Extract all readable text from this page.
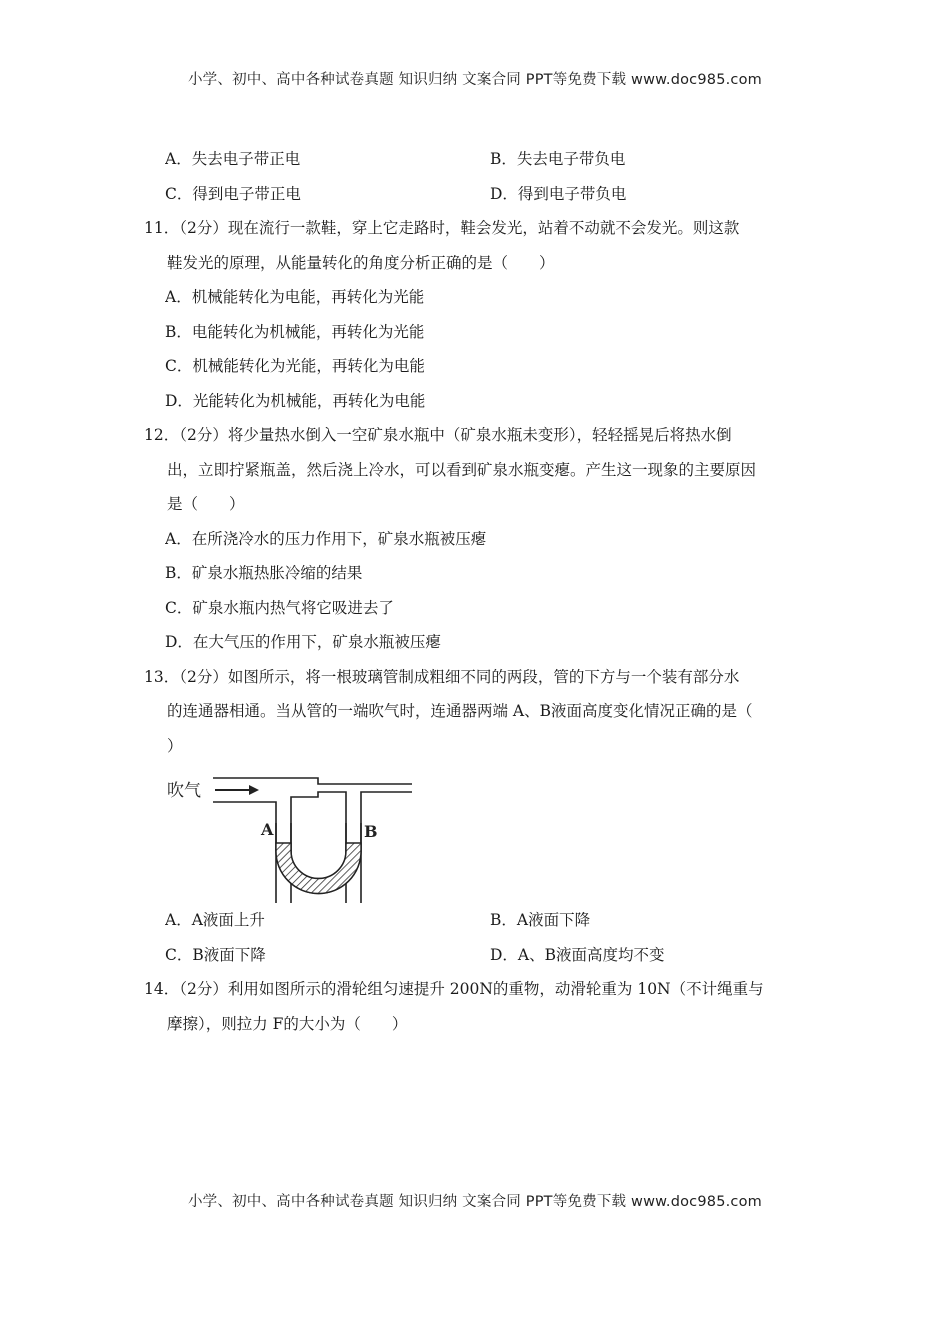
小学、初中、高中各种试卷真题 知识归纳 文案合同 PPT等免费下载 www.doc985.com
A．失去电子带正电	B．失去电子带负电
C．得到电子带正电	D．得到电子带负电
11．（2分）现在流行一款鞋，穿上它走路时，鞋会发光，站着不动就不会发光。则这款
鞋发光的原理，从能量转化的角度分析正确的是（　　）
A．机械能转化为电能，再转化为光能
B．电能转化为机械能，再转化为光能
C．机械能转化为光能，再转化为电能
D．光能转化为机械能，再转化为电能
12．（2分）将少量热水倒入一空矿泉水瓶中（矿泉水瓶未变形），轻轻摇晃后将热水倒
出，立即拧紧瓶盖，然后浇上冷水，可以看到矿泉水瓶变瘪。产生这一现象的主要原因
是（　　）
A．在所浇冷水的压力作用下，矿泉水瓶被压瘪
B．矿泉水瓶热胀冷缩的结果
C．矿泉水瓶内热气将它吸进去了
D．在大气压的作用下，矿泉水瓶被压瘪
13．（2分）如图所示，将一根玻璃管制成粗细不同的两段，管的下方与一个装有部分水
的连通器相通。当从管的一端吹气时，连通器两端 A、B液面高度变化情况正确的是（
）
吹气
A	B
A．A液面上升	B．A液面下降
C．B液面下降	D．A、B液面高度均不变
14．（2分）利用如图所示的滑轮组匀速提升 200N的重物，动滑轮重为 10N（不计绳重与
摩擦），则拉力 F的大小为（　　）
小学、初中、高中各种试卷真题 知识归纳 文案合同 PPT等免费下载 www.doc985.com
